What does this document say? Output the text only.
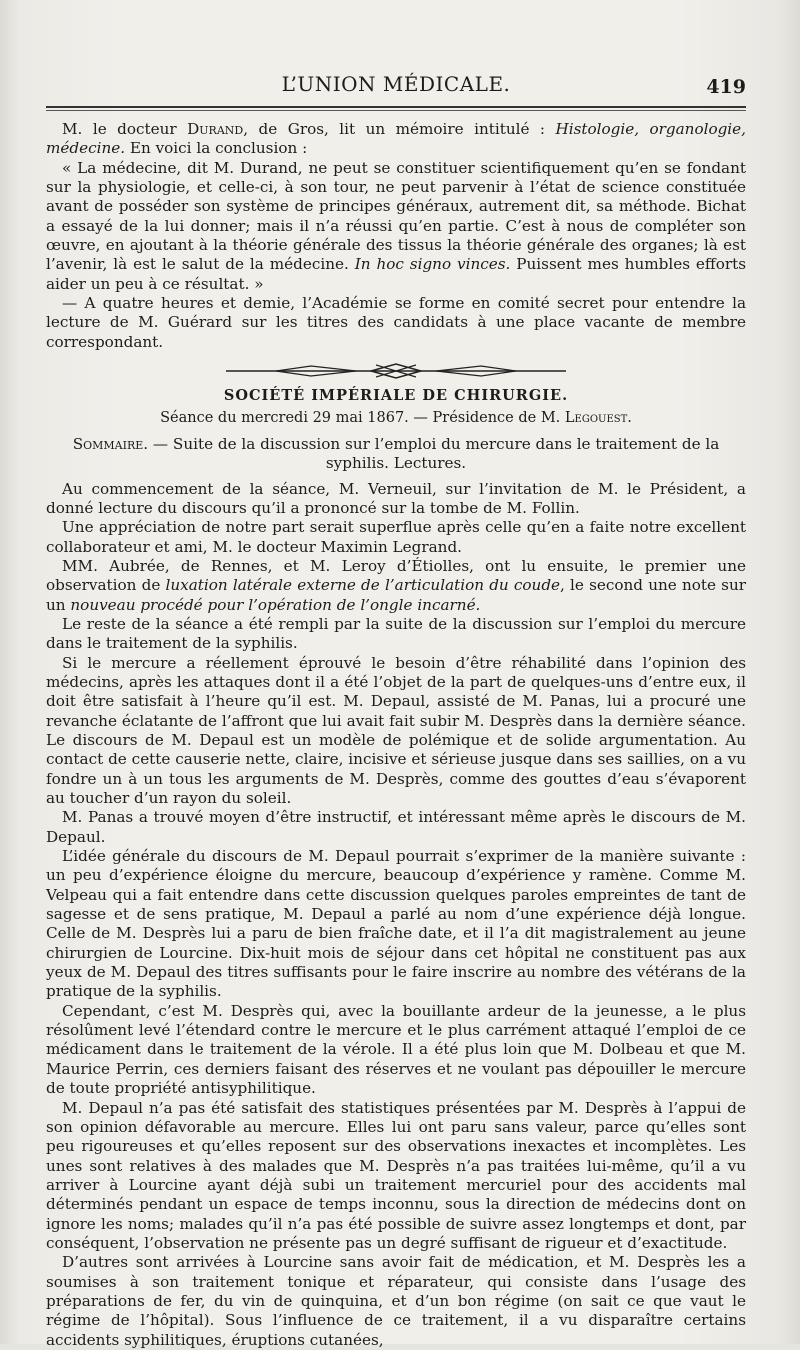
L’UNION MÉDICALE.	419

M. le docteur Durand, de Gros, lit un mémoire intitulé : Histologie, organologie, médecine. En voici la conclusion :

« La médecine, dit M. Durand, ne peut se constituer scientifiquement qu’en se fondant sur la physiologie, et celle-ci, à son tour, ne peut parvenir à l’état de science constituée avant de posséder son système de principes généraux, autrement dit, sa méthode. Bichat a essayé de la lui donner; mais il n’a réussi qu’en partie. C’est à nous de compléter son œuvre, en ajoutant à la théorie générale des tissus la théorie générale des organes; là est l’avenir, là est le salut de la médecine. In hoc signo vinces. Puissent mes humbles efforts aider un peu à ce résultat. »

— A quatre heures et demie, l’Académie se forme en comité secret pour entendre la lecture de M. Guérard sur les titres des candidats à une place vacante de membre correspondant.

SOCIÉTÉ IMPÉRIALE DE CHIRURGIE.
Séance du mercredi 29 mai 1867. — Présidence de M. Legouest.
Sommaire. — Suite de la discussion sur l’emploi du mercure dans le traitement de la syphilis. Lectures.

Au commencement de la séance, M. Verneuil, sur l’invitation de M. le Président, a donné lecture du discours qu’il a prononcé sur la tombe de M. Follin.

Une appréciation de notre part serait superflue après celle qu’en a faite notre excellent collaborateur et ami, M. le docteur Maximin Legrand.

MM. Aubrée, de Rennes, et M. Leroy d’Étiolles, ont lu ensuite, le premier une observation de luxation latérale externe de l’articulation du coude, le second une note sur un nouveau procédé pour l’opération de l’ongle incarné.

Le reste de la séance a été rempli par la suite de la discussion sur l’emploi du mercure dans le traitement de la syphilis.

Si le mercure a réellement éprouvé le besoin d’être réhabilité dans l’opinion des médecins, après les attaques dont il a été l’objet de la part de quelques-uns d’entre eux, il doit être satisfait à l’heure qu’il est. M. Depaul, assisté de M. Panas, lui a procuré une revanche éclatante de l’affront que lui avait fait subir M. Desprès dans la dernière séance. Le discours de M. Depaul est un modèle de polémique et de solide argumentation. Au contact de cette causerie nette, claire, incisive et sérieuse jusque dans ses saillies, on a vu fondre un à un tous les arguments de M. Desprès, comme des gouttes d’eau s’évaporent au toucher d’un rayon du soleil.

M. Panas a trouvé moyen d’être instructif, et intéressant même après le discours de M. Depaul.

L’idée générale du discours de M. Depaul pourrait s’exprimer de la manière suivante : un peu d’expérience éloigne du mercure, beaucoup d’expérience y ramène. Comme M. Velpeau qui a fait entendre dans cette discussion quelques paroles empreintes de tant de sagesse et de sens pratique, M. Depaul a parlé au nom d’une expérience déjà longue. Celle de M. Desprès lui a paru de bien fraîche date, et il l’a dit magistralement au jeune chirurgien de Lourcine. Dix-huit mois de séjour dans cet hôpital ne constituent pas aux yeux de M. Depaul des titres suffisants pour le faire inscrire au nombre des vétérans de la pratique de la syphilis.

Cependant, c’est M. Desprès qui, avec la bouillante ardeur de la jeunesse, a le plus résolûment levé l’étendard contre le mercure et le plus carrément attaqué l’emploi de ce médicament dans le traitement de la vérole. Il a été plus loin que M. Dolbeau et que M. Maurice Perrin, ces derniers faisant des réserves et ne voulant pas dépouiller le mercure de toute propriété antisyphilitique.

M. Depaul n’a pas été satisfait des statistiques présentées par M. Desprès à l’appui de son opinion défavorable au mercure. Elles lui ont paru sans valeur, parce qu’elles sont peu rigoureuses et qu’elles reposent sur des observations inexactes et incomplètes. Les unes sont relatives à des malades que M. Desprès n’a pas traitées lui-même, qu’il a vu arriver à Lourcine ayant déjà subi un traitement mercuriel pour des accidents mal déterminés pendant un espace de temps inconnu, sous la direction de médecins dont on ignore les noms; malades qu’il n’a pas été possible de suivre assez longtemps et dont, par conséquent, l’observation ne présente pas un degré suffisant de rigueur et d’exactitude.

D’autres sont arrivées à Lourcine sans avoir fait de médication, et M. Desprès les a soumises à son traitement tonique et réparateur, qui consiste dans l’usage des préparations de fer, du vin de quinquina, et d’un bon régime (on sait ce que vaut le régime de l’hôpital). Sous l’influence de ce traitement, il a vu disparaître certains accidents syphilitiques, éruptions cutanées,
